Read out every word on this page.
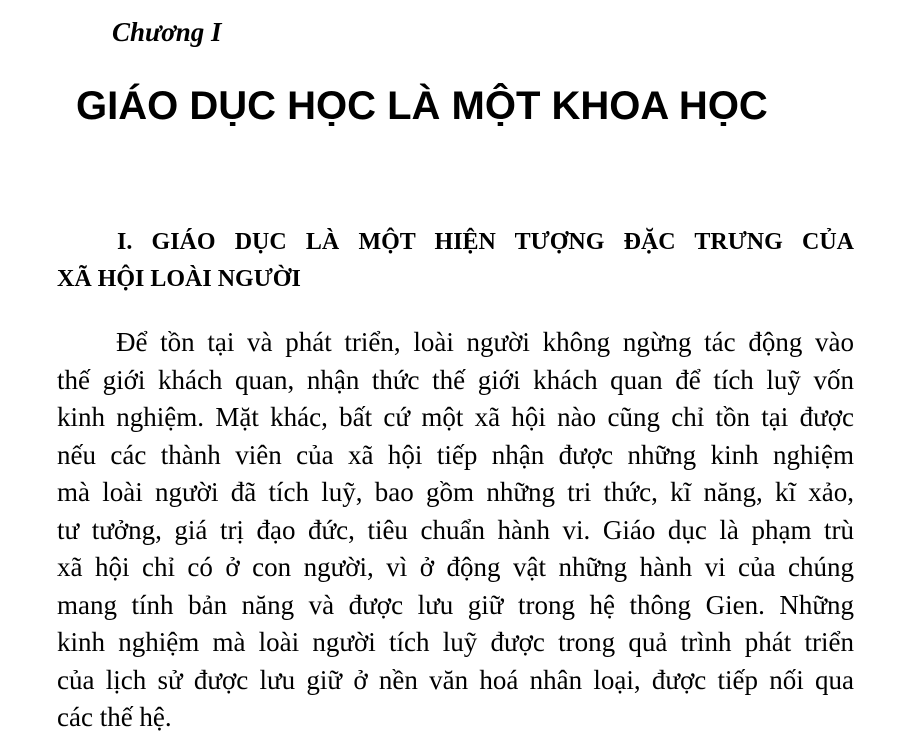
Chương I
GIÁO DỤC HỌC LÀ MỘT KHOA HỌC
I. GIÁO DỤC LÀ MỘT HIỆN TƯỢNG ĐẶC TRƯNG CỦA
XÃ HỘI LOÀI NGƯỜI
Để tồn tại và phát triển, loài người không ngừng tác động vào
thế giới khách quan, nhận thức thế giới khách quan để tích luỹ vốn
kinh nghiệm. Mặt khác, bất cứ một xã hội nào cũng chỉ tồn tại được
nếu các thành viên của xã hội tiếp nhận được những kinh nghiệm
mà loài người đã tích luỹ, bao gồm những tri thức, kĩ năng, kĩ xảo,
tư tưởng, giá trị đạo đức, tiêu chuẩn hành vi. Giáo dục là phạm trù
xã hội chỉ có ở con người, vì ở động vật những hành vi của chúng
mang tính bản năng và được lưu giữ trong hệ thông Gien. Những
kinh nghiệm mà loài người tích luỹ được trong quả trình phát triển
của lịch sử được lưu giữ ở nền văn hoá nhân loại, được tiếp nối qua
các thế hệ.
